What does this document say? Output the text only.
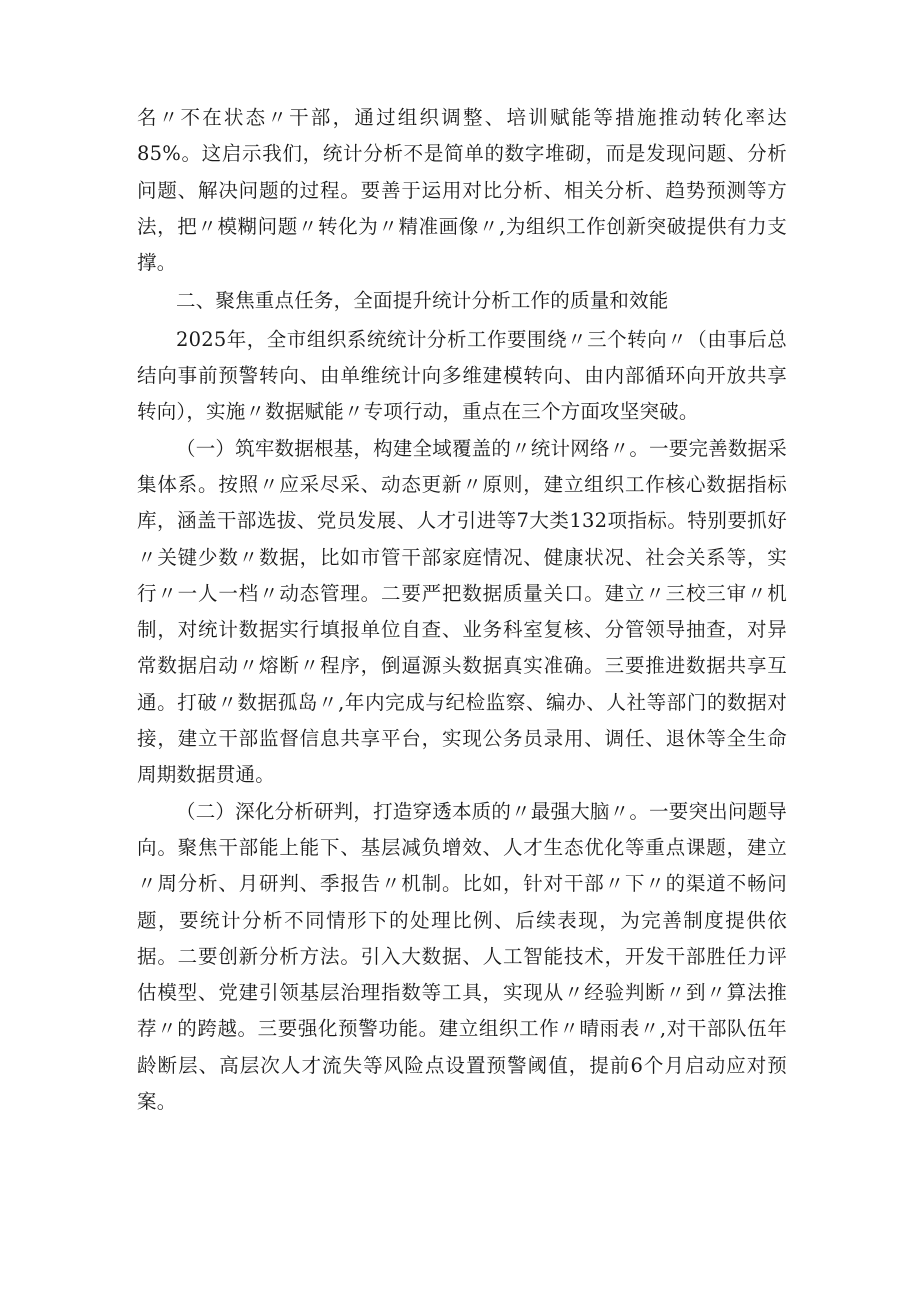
名〃不在状态〃干部，通过组织调整、培训赋能等措施推动转化率达85%。这启示我们，统计分析不是简单的数字堆砌，而是发现问题、分析问题、解决问题的过程。要善于运用对比分析、相关分析、趋势预测等方法，把〃模糊问题〃转化为〃精准画像〃,为组织工作创新突破提供有力支撑。

二、聚焦重点任务，全面提升统计分析工作的质量和效能

2025年，全市组织系统统计分析工作要围绕〃三个转向〃（由事后总结向事前预警转向、由单维统计向多维建模转向、由内部循环向开放共享转向），实施〃数据赋能〃专项行动，重点在三个方面攻坚突破。

（一）筑牢数据根基，构建全域覆盖的〃统计网络〃。一要完善数据采集体系。按照〃应采尽采、动态更新〃原则，建立组织工作核心数据指标库，涵盖干部选拔、党员发展、人才引进等7大类132项指标。特别要抓好〃关键少数〃数据，比如市管干部家庭情况、健康状况、社会关系等，实行〃一人一档〃动态管理。二要严把数据质量关口。建立〃三校三审〃机制，对统计数据实行填报单位自查、业务科室复核、分管领导抽查，对异常数据启动〃熔断〃程序，倒逼源头数据真实准确。三要推进数据共享互通。打破〃数据孤岛〃,年内完成与纪检监察、编办、人社等部门的数据对接，建立干部监督信息共享平台，实现公务员录用、调任、退休等全生命周期数据贯通。

（二）深化分析研判，打造穿透本质的〃最强大脑〃。一要突出问题导向。聚焦干部能上能下、基层减负增效、人才生态优化等重点课题，建立〃周分析、月研判、季报告〃机制。比如，针对干部〃下〃的渠道不畅问题，要统计分析不同情形下的处理比例、后续表现，为完善制度提供依据。二要创新分析方法。引入大数据、人工智能技术，开发干部胜任力评估模型、党建引领基层治理指数等工具，实现从〃经验判断〃到〃算法推荐〃的跨越。三要强化预警功能。建立组织工作〃晴雨表〃,对干部队伍年龄断层、高层次人才流失等风险点设置预警阈值，提前6个月启动应对预案。
